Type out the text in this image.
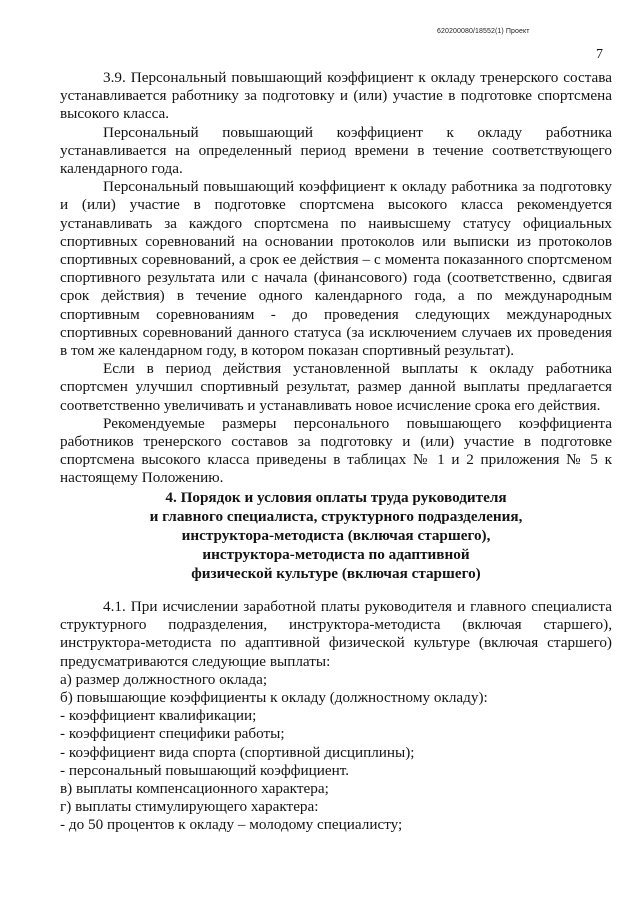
620200080/18552(1) Проект
7

3.9. Персональный повышающий коэффициент к окладу тренерского состава устанавливается работнику за подготовку и (или) участие в подготовке спортсмена высокого класса.

Персональный повышающий коэффициент к окладу работника устанавливается на определенный период времени в течение соответствующего календарного года.

Персональный повышающий коэффициент к окладу работника за подготовку и (или) участие в подготовке спортсмена высокого класса рекомендуется устанавливать за каждого спортсмена по наивысшему статусу официальных спортивных соревнований на основании протоколов или выписки из протоколов спортивных соревнований, а срок ее действия – с момента показанного спортсменом спортивного результата или с начала (финансового) года (соответственно, сдвигая срок действия) в течение одного календарного года, а по международным спортивным соревнованиям - до проведения следующих международных спортивных соревнований данного статуса (за исключением случаев их проведения в том же календарном году, в котором показан спортивный результат).

Если в период действия установленной выплаты к окладу работника спортсмен улучшил спортивный результат, размер данной выплаты предлагается соответственно увеличивать и устанавливать новое исчисление срока его действия.

Рекомендуемые размеры персонального повышающего коэффициента работников тренерского составов за подготовку и (или) участие в подготовке спортсмена высокого класса приведены в таблицах № 1 и 2 приложения № 5 к настоящему Положению.

4. Порядок и условия оплаты труда руководителя
и главного специалиста, структурного подразделения,
инструктора-методиста (включая старшего),
инструктора-методиста по адаптивной
физической культуре (включая старшего)

4.1. При исчислении заработной платы руководителя и главного специалиста структурного подразделения, инструктора-методиста (включая старшего), инструктора-методиста по адаптивной физической культуре (включая старшего) предусматриваются следующие выплаты:

а) размер должностного оклада;
б) повышающие коэффициенты к окладу (должностному окладу):
- коэффициент квалификации;
- коэффициент специфики работы;
- коэффициент вида спорта (спортивной дисциплины);
- персональный повышающий коэффициент.
в) выплаты компенсационного характера;
г) выплаты стимулирующего характера:
- до 50 процентов к окладу – молодому специалисту;
